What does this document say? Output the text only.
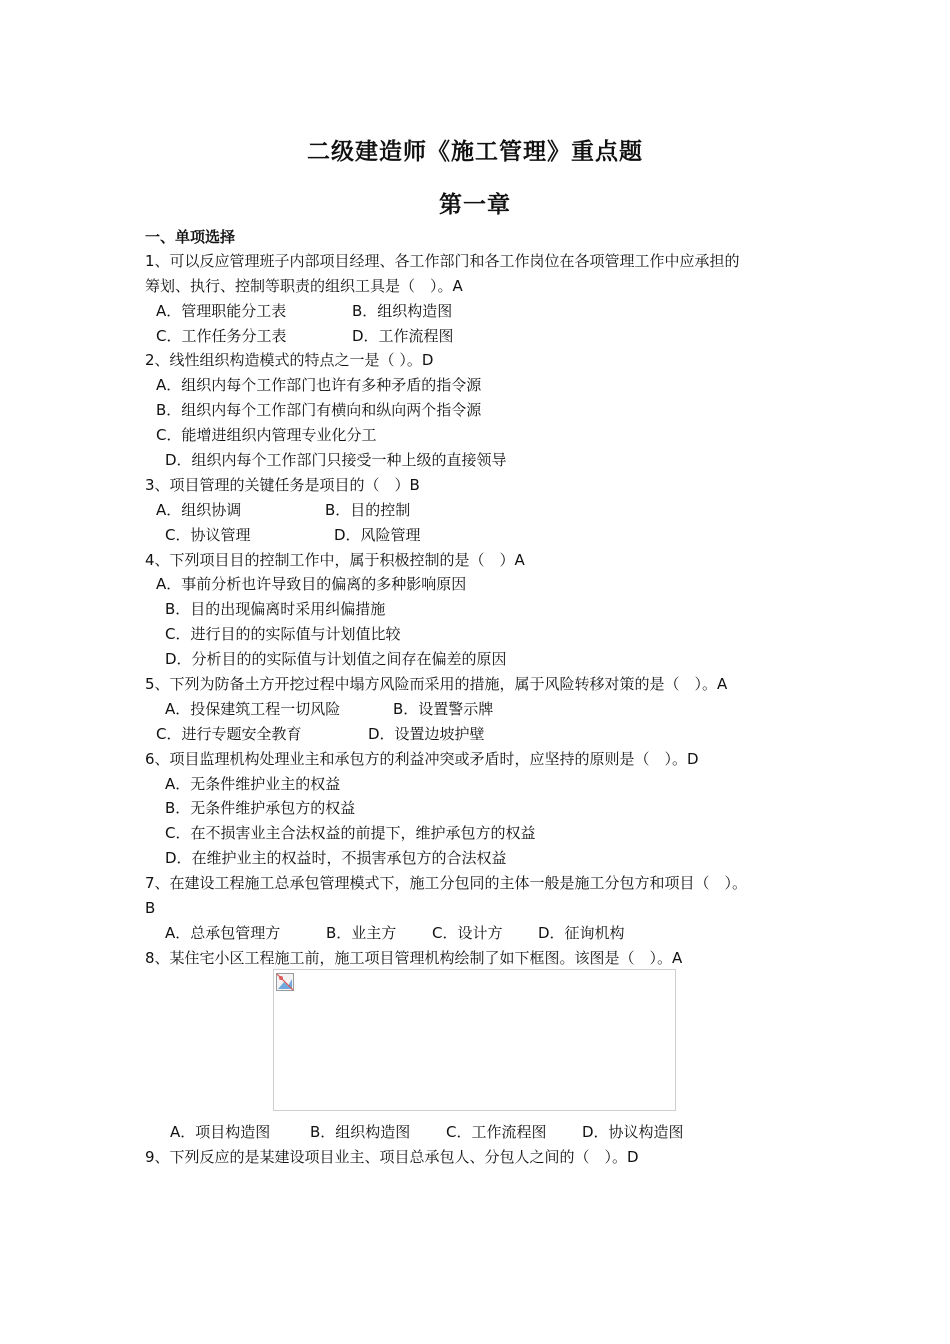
二级建造师《施工管理》重点题
第一章
一、单项选择
1、可以反应管理班子内部项目经理、各工作部门和各工作岗位在各项管理工作中应承担的
筹划、执行、控制等职责的组织工具是（　）。A
A．管理职能分工表	B．组织构造图
C．工作任务分工表	D．工作流程图
2、线性组织构造模式的特点之一是（ ）。D
A．组织内每个工作部门也许有多种矛盾的指令源
B．组织内每个工作部门有横向和纵向两个指令源
C．能增进组织内管理专业化分工
D．组织内每个工作部门只接受一种上级的直接领导
3、项目管理的关键任务是项目的（　）B
A．组织协调	B．目的控制
C．协议管理	D．风险管理
4、下列项目目的控制工作中，属于积极控制的是（　）A
A．事前分析也许导致目的偏离的多种影响原因
B．目的出现偏离时采用纠偏措施
C．进行目的的实际值与计划值比较
D．分析目的的实际值与计划值之间存在偏差的原因
5、下列为防备土方开挖过程中塌方风险而采用的措施，属于风险转移对策的是（　）。A
A．投保建筑工程一切风险	B．设置警示牌
C．进行专题安全教育	D．设置边坡护壁
6、项目监理机构处理业主和承包方的利益冲突或矛盾时，应坚持的原则是（　）。D
A．无条件维护业主的权益
B．无条件维护承包方的权益
C．在不损害业主合法权益的前提下，维护承包方的权益
D．在维护业主的权益时，不损害承包方的合法权益
7、在建设工程施工总承包管理模式下，施工分包同的主体一般是施工分包方和项目（　）。
B
A．总承包管理方	B．业主方 C．设计方 D．征询机构
8、某住宅小区工程施工前，施工项目管理机构绘制了如下框图。该图是（　）。A
A．项目构造图	B．组织构造图 C．工作流程图 D．协议构造图
9、下列反应的是某建设项目业主、项目总承包人、分包人之间的（　）。D
